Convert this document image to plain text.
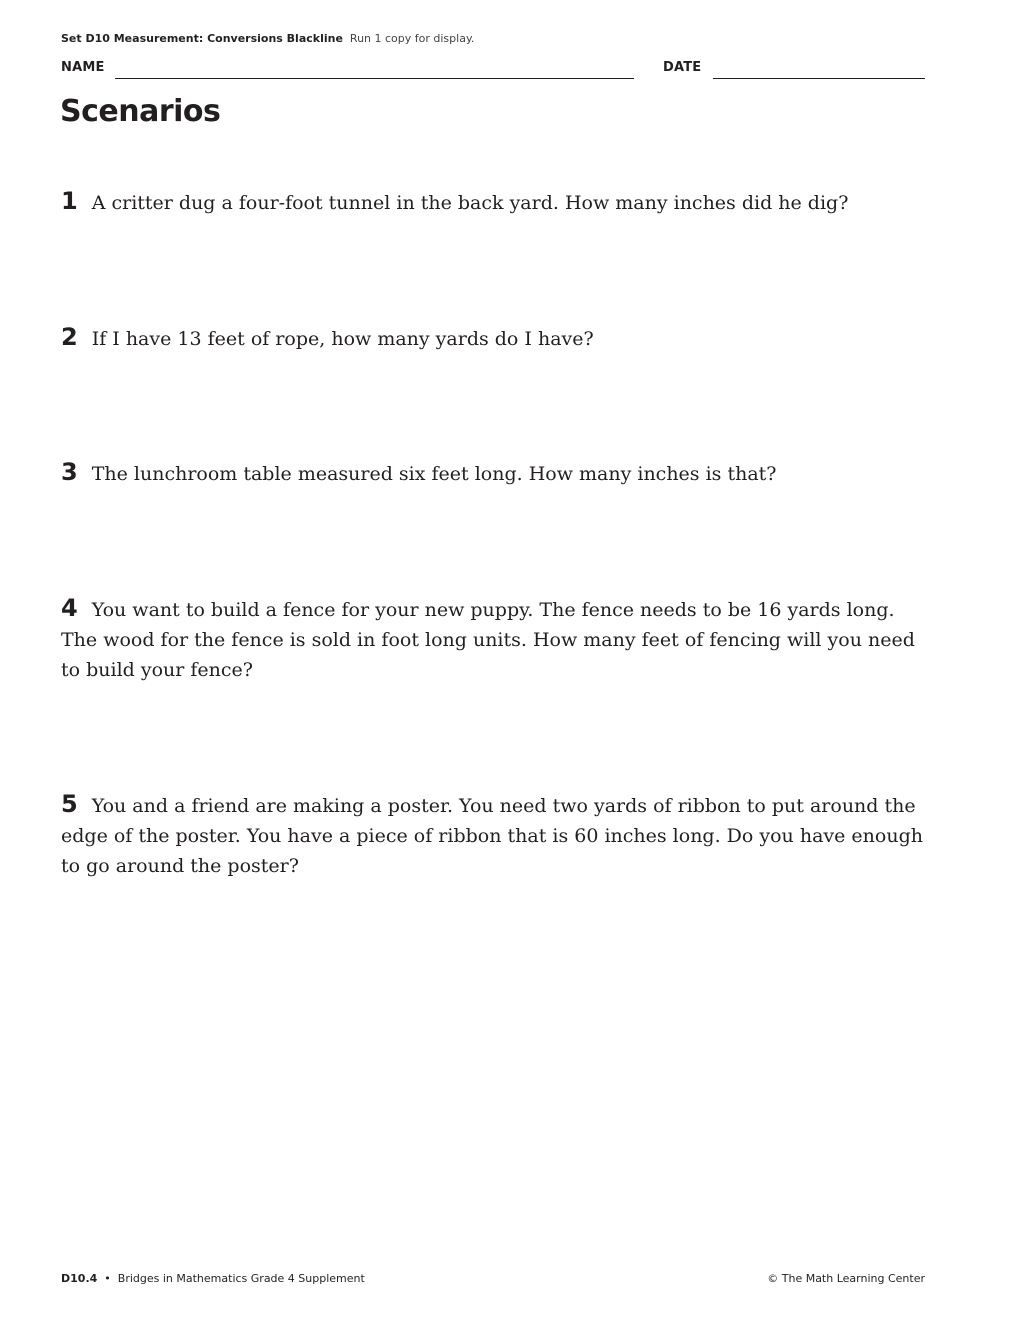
Set D10 Measurement: Conversions Blackline Run 1 copy for display.
NAME	DATE
Scenarios
1 A critter dug a four-foot tunnel in the back yard. How many inches did he dig?
2 If I have 13 feet of rope, how many yards do I have?
3 The lunchroom table measured six feet long. How many inches is that?
4 You want to build a fence for your new puppy. The fence needs to be 16 yards long. The wood for the fence is sold in foot long units. How many feet of fencing will you need to build your fence?
5 You and a friend are making a poster. You need two yards of ribbon to put around the edge of the poster. You have a piece of ribbon that is 60 inches long. Do you have enough to go around the poster?
D10.4 • Bridges in Mathematics Grade 4 Supplement	© The Math Learning Center
